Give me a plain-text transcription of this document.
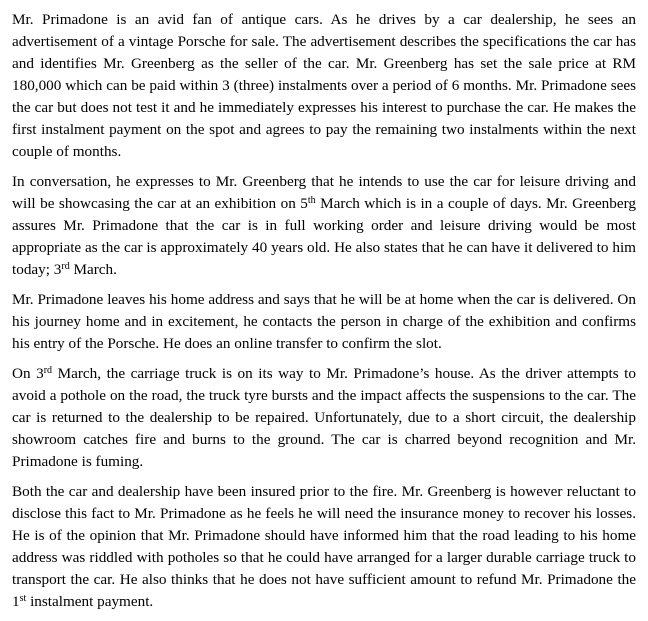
Mr. Primadone is an avid fan of antique cars. As he drives by a car dealership, he sees an advertisement of a vintage Porsche for sale. The advertisement describes the specifications the car has and identifies Mr. Greenberg as the seller of the car. Mr. Greenberg has set the sale price at RM 180,000 which can be paid within 3 (three) instalments over a period of 6 months. Mr. Primadone sees the car but does not test it and he immediately expresses his interest to purchase the car. He makes the first instalment payment on the spot and agrees to pay the remaining two instalments within the next couple of months.

In conversation, he expresses to Mr. Greenberg that he intends to use the car for leisure driving and will be showcasing the car at an exhibition on 5th March which is in a couple of days. Mr. Greenberg assures Mr. Primadone that the car is in full working order and leisure driving would be most appropriate as the car is approximately 40 years old. He also states that he can have it delivered to him today; 3rd March.

Mr. Primadone leaves his home address and says that he will be at home when the car is delivered. On his journey home and in excitement, he contacts the person in charge of the exhibition and confirms his entry of the Porsche. He does an online transfer to confirm the slot.

On 3rd March, the carriage truck is on its way to Mr. Primadone’s house. As the driver attempts to avoid a pothole on the road, the truck tyre bursts and the impact affects the suspensions to the car. The car is returned to the dealership to be repaired. Unfortunately, due to a short circuit, the dealership showroom catches fire and burns to the ground. The car is charred beyond recognition and Mr. Primadone is fuming.

Both the car and dealership have been insured prior to the fire. Mr. Greenberg is however reluctant to disclose this fact to Mr. Primadone as he feels he will need the insurance money to recover his losses. He is of the opinion that Mr. Primadone should have informed him that the road leading to his home address was riddled with potholes so that he could have arranged for a larger durable carriage truck to transport the car. He also thinks that he does not have sufficient amount to refund Mr. Primadone the 1st instalment payment.
